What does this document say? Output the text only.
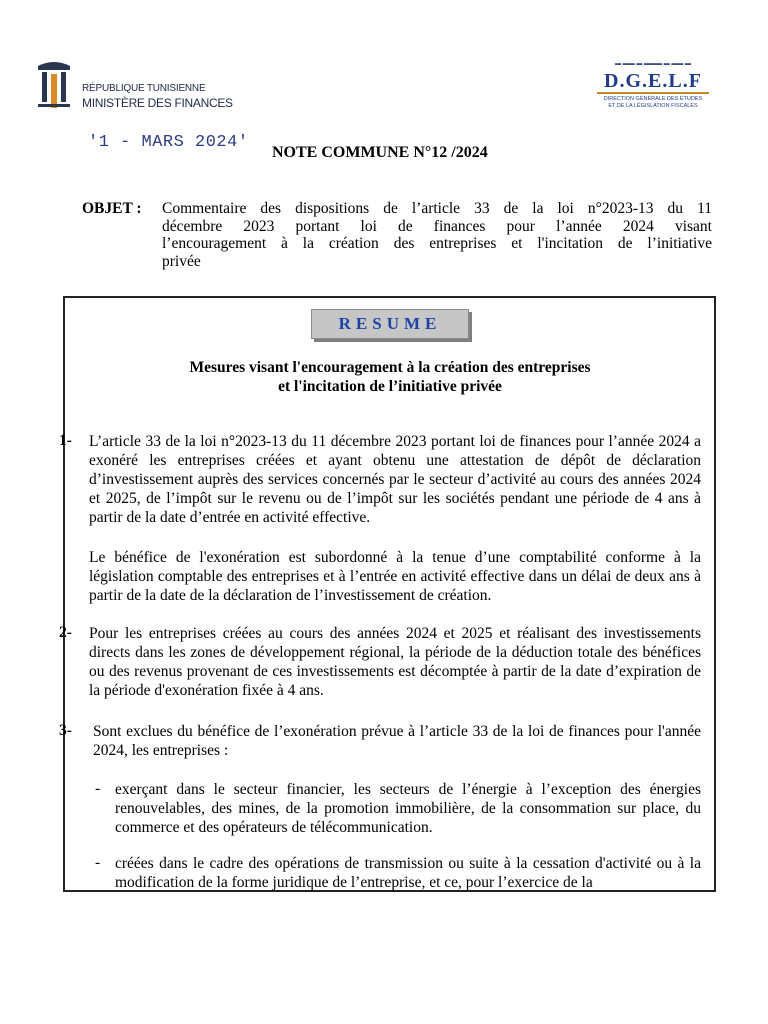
RÉPUBLIQUE TUNISIENNE
MINISTÈRE DES FINANCES
▬ ▬▬ ▬ ▬▬▬ ▬ ▬▬ ▬
D.G.E.L.F
DIRECTION GÉNÉRALE DES ÉTUDES
ET DE LA LÉGISLATION FISCALES
'1 - MARS 2024'
NOTE COMMUNE N°12 /2024
OBJET : Commentaire des dispositions de l’article 33 de la loi n°2023-13 du 11
décembre 2023 portant loi de finances pour l’année 2024 visant
l’encouragement à la création des entreprises et l'incitation de l’initiative
privée
RESUME
Mesures visant l'encouragement à la création des entreprises
et l'incitation de l’initiative privée
1- L’article 33 de la loi n°2023-13 du 11 décembre 2023 portant loi de finances pour l’année 2024 a exonéré les entreprises créées et ayant obtenu une attestation de dépôt de déclaration d’investissement auprès des services concernés par le secteur d’activité au cours des années 2024 et 2025, de l’impôt sur le revenu ou de l’impôt sur les sociétés pendant une période de 4 ans à partir de la date d’entrée en activité effective.
Le bénéfice de l'exonération est subordonné à la tenue d’une comptabilité conforme à la législation comptable des entreprises et à l’entrée en activité effective dans un délai de deux ans à partir de la date de la déclaration de l’investissement de création.
2- Pour les entreprises créées au cours des années 2024 et 2025 et réalisant des investissements directs dans les zones de développement régional, la période de la déduction totale des bénéfices ou des revenus provenant de ces investissements est décomptée à partir de la date d’expiration de la période d'exonération fixée à 4 ans.
3- Sont exclues du bénéfice de l’exonération prévue à l’article 33 de la loi de finances pour l'année 2024, les entreprises :
- exerçant dans le secteur financier, les secteurs de l’énergie à l’exception des énergies renouvelables, des mines, de la promotion immobilière, de la consommation sur place, du commerce et des opérateurs de télécommunication.
- créées dans le cadre des opérations de transmission ou suite à la cessation d'activité ou à la modification de la forme juridique de l’entreprise, et ce, pour l’exercice de la
